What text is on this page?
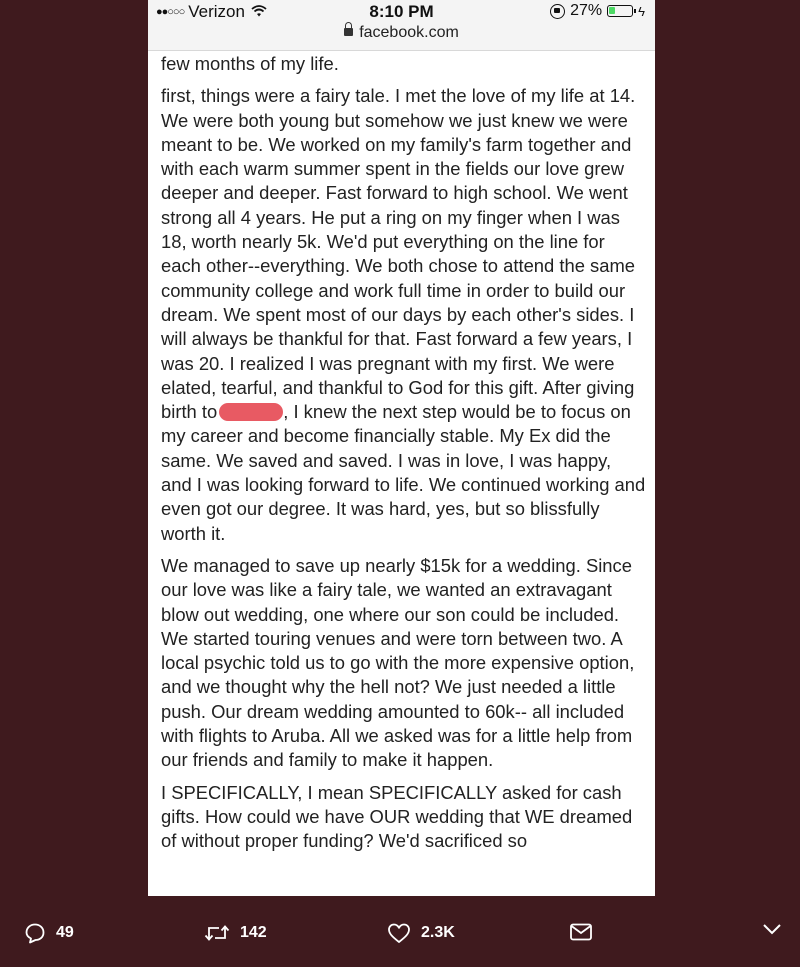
●●○○○ Verizon	8:10 PM	27%	ϟ
facebook.com

few months of my life.

first, things were a fairy tale. I met the love of my life at 14. We were both young but somehow we just knew we were meant to be. We worked on my family's farm together and with each warm summer spent in the fields our love grew deeper and deeper. Fast forward to high school. We went strong all 4 years. He put a ring on my finger when I was 18, worth nearly 5k. We'd put everything on the line for each other--everything. We both chose to attend the same community college and work full time in order to build our dream. We spent most of our days by each other's sides. I will always be thankful for that. Fast forward a few years, I was 20. I realized I was pregnant with my first. We were elated, tearful, and thankful to God for this gift. After giving birth to	, I knew the next step would be to focus on my career and become financially stable. My Ex did the same. We saved and saved. I was in love, I was happy, and I was looking forward to life. We continued working and even got our degree. It was hard, yes, but so blissfully worth it.

We managed to save up nearly $15k for a wedding. Since our love was like a fairy tale, we wanted an extravagant blow out wedding, one where our son could be included. We started touring venues and were torn between two. A local psychic told us to go with the more expensive option, and we thought why the hell not? We just needed a little push. Our dream wedding amounted to 60k-- all included with flights to Aruba. All we asked was for a little help from our friends and family to make it happen.

I SPECIFICALLY, I mean SPECIFICALLY asked for cash gifts. How could we have OUR wedding that WE dreamed of without proper funding? We'd sacrificed so

49	142	2.3K
